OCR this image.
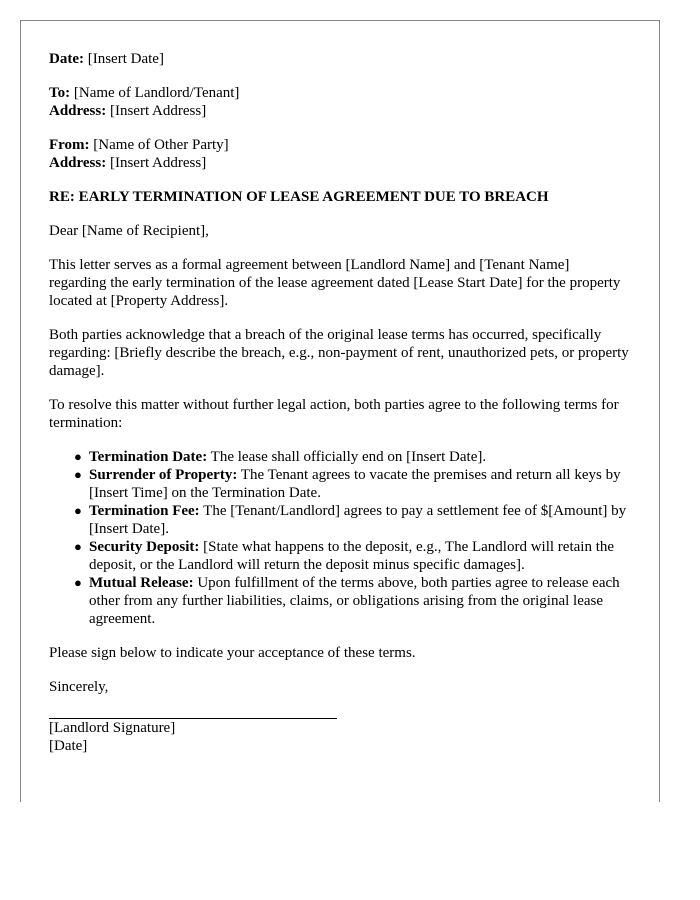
Date: [Insert Date]

To: [Name of Landlord/Tenant]

Address: [Insert Address]

From: [Name of Other Party]

Address: [Insert Address]

RE: EARLY TERMINATION OF LEASE AGREEMENT DUE TO BREACH

Dear [Name of Recipient],

This letter serves as a formal agreement between [Landlord Name] and [Tenant Name] regarding the early termination of the lease agreement dated [Lease Start Date] for the property located at [Property Address].

Both parties acknowledge that a breach of the original lease terms has occurred, specifically regarding: [Briefly describe the breach, e.g., non-payment of rent, unauthorized pets, or property damage].

To resolve this matter without further legal action, both parties agree to the following terms for termination:

● Termination Date: The lease shall officially end on [Insert Date].
● Surrender of Property: The Tenant agrees to vacate the premises and return all keys by [Insert Time] on the Termination Date.
● Termination Fee: The [Tenant/Landlord] agrees to pay a settlement fee of $[Amount] by [Insert Date].
● Security Deposit: [State what happens to the deposit, e.g., The Landlord will retain the deposit, or the Landlord will return the deposit minus specific damages].
● Mutual Release: Upon fulfillment of the terms above, both parties agree to release each other from any further liabilities, claims, or obligations arising from the original lease agreement.

Please sign below to indicate your acceptance of these terms.

Sincerely,

[Landlord Signature]

[Date]
